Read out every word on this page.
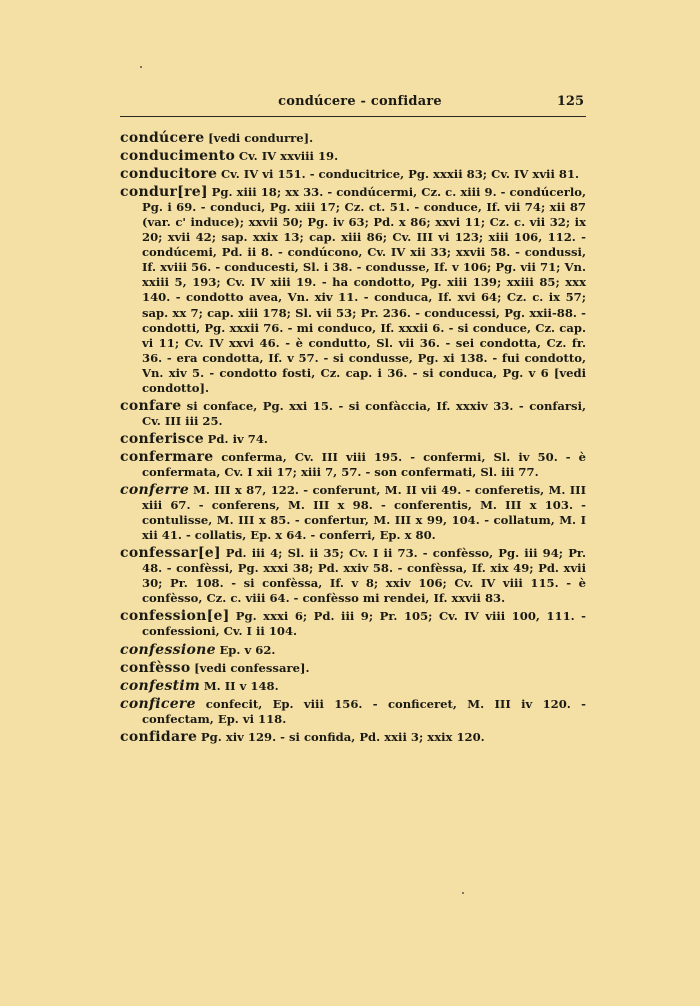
condúcere - confidare	125

condúcere [vedi condurre].

conducimento Cv. IV xxviii 19.

conducitore Cv. IV vi 151. - conducitrice, Pg. xxxii 83; Cv. IV xvii 81.

condur[re] Pg. xiii 18; xx 33. - condúcermi, Cz. c. xiii 9. - condúcerlo, Pg. i 69. - conduci, Pg. xiii 17; Cz. ct. 51. - conduce, If. vii 74; xii 87 (var. c' induce); xxvii 50; Pg. iv 63; Pd. x 86; xxvi 11; Cz. c. vii 32; ix 20; xvii 42; sap. xxix 13; cap. xiii 86; Cv. III vi 123; xiii 106, 112. - condúcemi, Pd. ii 8. - condúcono, Cv. IV xii 33; xxvii 58. - condussi, If. xviii 56. - conducesti, Sl. i 38. - condusse, If. v 106; Pg. vii 71; Vn. xxiii 5, 193; Cv. IV xiii 19. - ha condotto, Pg. xiii 139; xxiii 85; xxx 140. - condotto avea, Vn. xiv 11. - conduca, If. xvi 64; Cz. c. ix 57; sap. xx 7; cap. xiii 178; Sl. vii 53; Pr. 236. - conducessi, Pg. xxii-88. - condotti, Pg. xxxii 76. - mi conduco, If. xxxii 6. - si conduce, Cz. cap. vi 11; Cv. IV xxvi 46. - è condutto, Sl. vii 36. - sei condotta, Cz. fr. 36. - era condotta, If. v 57. - si condusse, Pg. xi 138. - fui condotto, Vn. xiv 5. - condotto fosti, Cz. cap. i 36. - si conduca, Pg. v 6 [vedi condotto].

confare si conface, Pg. xxi 15. - si confàccia, If. xxxiv 33. - confarsi, Cv. III iii 25.

conferisce Pd. iv 74.

confermare conferma, Cv. III viii 195. - confermi, Sl. iv 50. - è confermata, Cv. I xii 17; xiii 7, 57. - son confermati, Sl. iii 77.

conferre M. III x 87, 122. - conferunt, M. II vii 49. - conferetis, M. III xiii 67. - conferens, M. III x 98. - conferentis, M. III x 103. - contulisse, M. III x 85. - confertur, M. III x 99, 104. - collatum, M. I xii 41. - collatis, Ep. x 64. - conferri, Ep. x 80.

confessar[e] Pd. iii 4; Sl. ii 35; Cv. I ii 73. - confèsso, Pg. iii 94; Pr. 48. - confèssi, Pg. xxxi 38; Pd. xxiv 58. - confèssa, If. xix 49; Pd. xvii 30; Pr. 108. - si confèssa, If. v 8; xxiv 106; Cv. IV viii 115. - è confèsso, Cz. c. viii 64. - confèsso mi rendei, If. xxvii 83.

confession[e] Pg. xxxi 6; Pd. iii 9; Pr. 105; Cv. IV viii 100, 111. - confessioni, Cv. I ii 104.

confessione Ep. v 62.

confèsso [vedi confessare].

confestim M. II v 148.

conficere confecit, Ep. viii 156. - conficeret, M. III iv 120. - confectam, Ep. vi 118.

confidare Pg. xiv 129. - si confida, Pd. xxii 3; xxix 120.
